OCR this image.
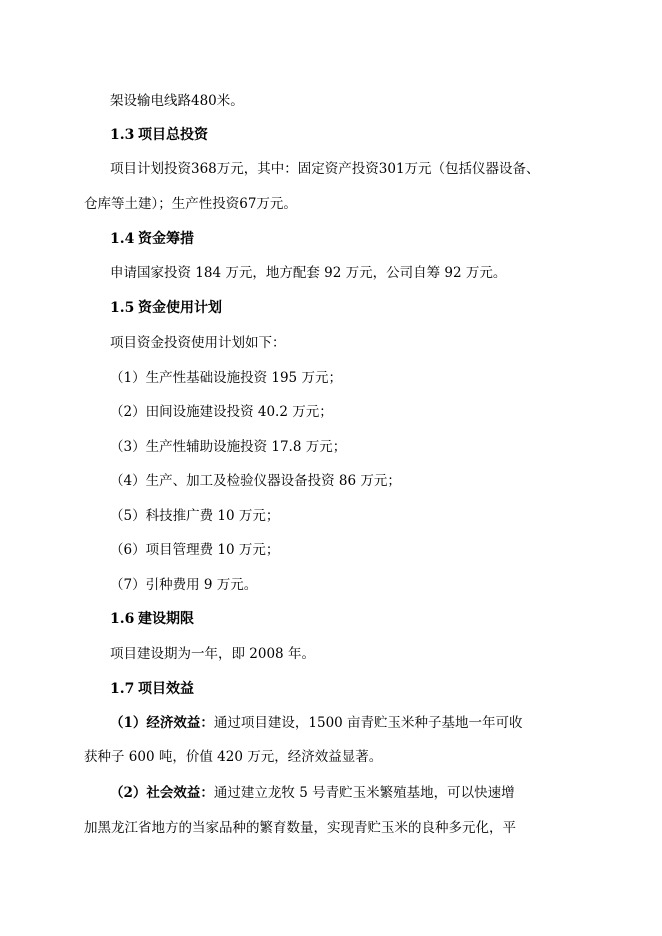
架设输电线路480米。
1.3 项目总投资
项目计划投资368万元，其中：固定资产投资301万元（包括仪器设备、
仓库等土建）；生产性投资67万元。
1.4 资金筹措
申请国家投资 184 万元，地方配套 92 万元，公司自筹 92 万元。
1.5 资金使用计划
项目资金投资使用计划如下：
（1）生产性基础设施投资 195 万元；
（2）田间设施建设投资 40.2 万元；
（3）生产性辅助设施投资 17.8 万元；
（4）生产、加工及检验仪器设备投资 86 万元；
（5）科技推广费 10 万元；
（6）项目管理费 10 万元；
（7）引种费用 9 万元。
1.6 建设期限
项目建设期为一年，即 2008 年。
1.7 项目效益
（1）经济效益：通过项目建设，1500 亩青贮玉米种子基地一年可收
获种子 600 吨，价值 420 万元，经济效益显著。
（2）社会效益：通过建立龙牧 5 号青贮玉米繁殖基地，可以快速增
加黑龙江省地方的当家品种的繁育数量，实现青贮玉米的良种多元化，平
